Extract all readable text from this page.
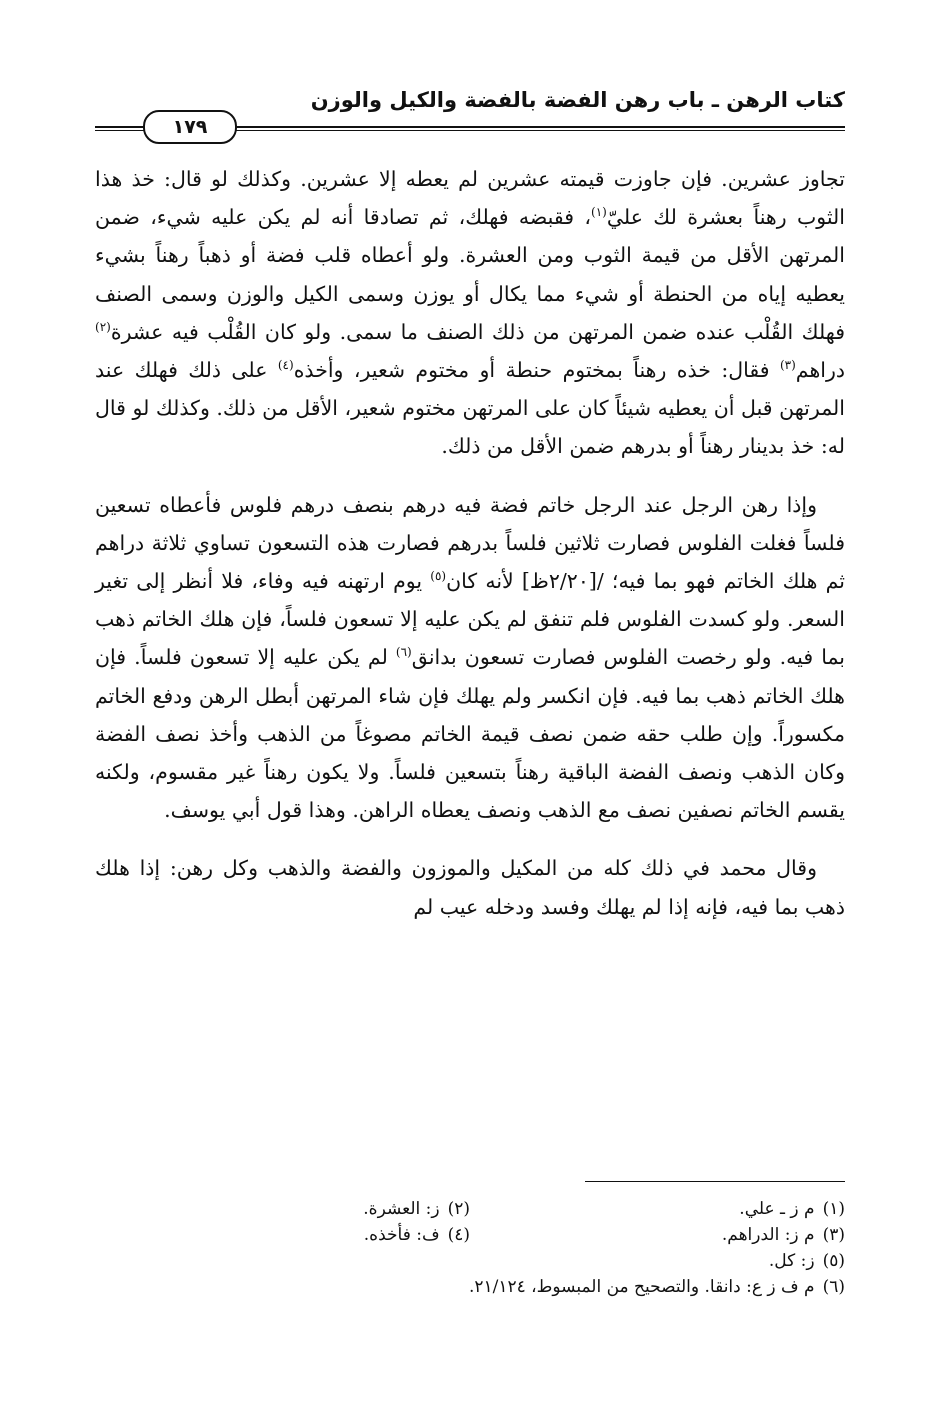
١٧٩
كتاب الرهن ـ باب رهن الفضة بالفضة والكيل والوزن

تجاوز عشرين. فإن جاوزت قيمته عشرين لم يعطه إلا عشرين. وكذلك لو قال: خذ هذا الثوب رهناً بعشرة لك عليّ$^{(١)}$، فقبضه فهلك، ثم تصادقا أنه لم يكن عليه شيء، ضمن المرتهن الأقل من قيمة الثوب ومن العشرة. ولو أعطاه قلب فضة أو ذهباً رهناً بشيء يعطيه إياه من الحنطة أو شيء مما يكال أو يوزن وسمى الكيل والوزن وسمى الصنف فهلك القُلْب عنده ضمن المرتهن من ذلك الصنف ما سمى. ولو كان القُلْب فيه عشرة$^{(٢)}$ دراهم$^{(٣)}$ فقال: خذه رهناً بمختوم حنطة أو مختوم شعير، وأخذه$^{(٤)}$ على ذلك فهلك عند المرتهن قبل أن يعطيه شيئاً كان على المرتهن مختوم شعير، الأقل من ذلك. وكذلك لو قال له: خذ بدينار رهناً أو بدرهم ضمن الأقل من ذلك.

وإذا رهن الرجل عند الرجل خاتم فضة فيه درهم بنصف درهم فلوس فأعطاه تسعين فلساً فغلت الفلوس فصارت ثلاثين فلساً بدرهم فصارت هذه التسعون تساوي ثلاثة دراهم ثم هلك الخاتم فهو بما فيه؛ /[٢/٢٠ظ] لأنه كان$^{(٥)}$ يوم ارتهنه فيه وفاء، فلا أنظر إلى تغير السعر. ولو كسدت الفلوس فلم تنفق لم يكن عليه إلا تسعون فلساً، فإن هلك الخاتم ذهب بما فيه. ولو رخصت الفلوس فصارت تسعون بدانق$^{(٦)}$ لم يكن عليه إلا تسعون فلساً. فإن هلك الخاتم ذهب بما فيه. فإن انكسر ولم يهلك فإن شاء المرتهن أبطل الرهن ودفع الخاتم مكسوراً. وإن طلب حقه ضمن نصف قيمة الخاتم مصوغاً من الذهب وأخذ نصف الفضة وكان الذهب ونصف الفضة الباقية رهناً بتسعين فلساً. ولا يكون رهناً غير مقسوم، ولكنه يقسم الخاتم نصفين نصف مع الذهب ونصف يعطاه الراهن. وهذا قول أبي يوسف.

وقال محمد في ذلك كله من المكيل والموزون والفضة والذهب وكل رهن: إذا هلك ذهب بما فيه، فإنه إذا لم يهلك وفسد ودخله عيب لم

(١)م ز ـ علي.
(٢)ز: العشرة.
(٣)م ز: الدراهم.
(٤)ف: فأخذه.
(٥)ز: كل.
(٦)م ف ز ع: دانقا. والتصحيح من المبسوط، ٢١/١٢٤.
